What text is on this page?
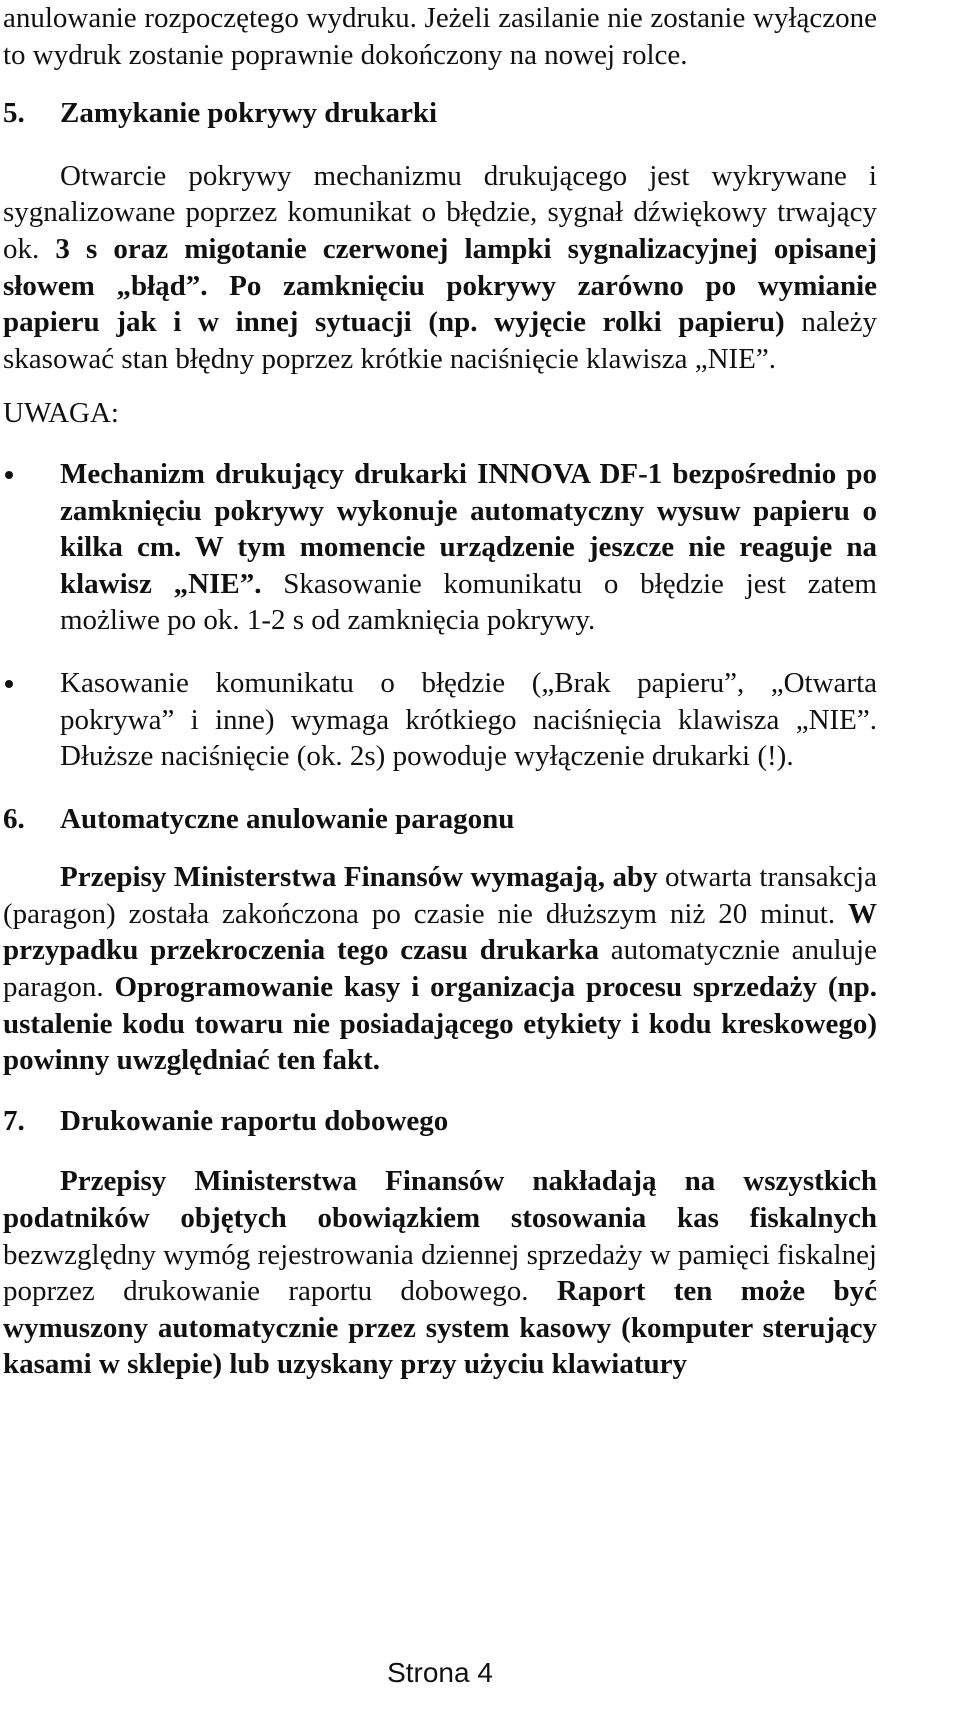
anulowanie rozpoczętego wydruku. Jeżeli zasilanie nie zostanie wyłączone to wydruk zostanie poprawnie dokończony na nowej rolce.

5. Zamykanie pokrywy drukarki

Otwarcie pokrywy mechanizmu drukującego jest wykrywane i sygnalizowane poprzez komunikat o błędzie, sygnał dźwiękowy trwający ok. 3 s oraz migotanie czerwonej lampki sygnalizacyjnej opisanej słowem „błąd”. Po zamknięciu pokrywy zarówno po wymianie papieru jak i w innej sytuacji (np. wyjęcie rolki papieru) należy skasować stan błędny poprzez krótkie naciśnięcie klawisza „NIE”.

UWAGA:

Mechanizm drukujący drukarki INNOVA DF-1 bezpośrednio po zamknięciu pokrywy wykonuje automatyczny wysuw papieru o kilka cm. W tym momencie urządzenie jeszcze nie reaguje na klawisz „NIE”. Skasowanie komunikatu o błędzie jest zatem możliwe po ok. 1-2 s od zamknięcia pokrywy.
Kasowanie komunikatu o błędzie („Brak papieru”, „Otwarta pokrywa” i inne) wymaga krótkiego naciśnięcia klawisza „NIE”. Dłuższe naciśnięcie (ok. 2s) powoduje wyłączenie drukarki (!).
6. Automatyczne anulowanie paragonu

Przepisy Ministerstwa Finansów wymagają, aby otwarta transakcja (paragon) została zakończona po czasie nie dłuższym niż 20 minut. W przypadku przekroczenia tego czasu drukarka automatycznie anuluje paragon. Oprogramowanie kasy i organizacja procesu sprzedaży (np. ustalenie kodu towaru nie posiadającego etykiety i kodu kreskowego) powinny uwzględniać ten fakt.

7. Drukowanie raportu dobowego

Przepisy Ministerstwa Finansów nakładają na wszystkich podatników objętych obowiązkiem stosowania kas fiskalnych bezwzględny wymóg rejestrowania dziennej sprzedaży w pamięci fiskalnej poprzez drukowanie raportu dobowego. Raport ten może być wymuszony automatycznie przez system kasowy (komputer sterujący kasami w sklepie) lub uzyskany przy użyciu klawiatury

Strona 4
